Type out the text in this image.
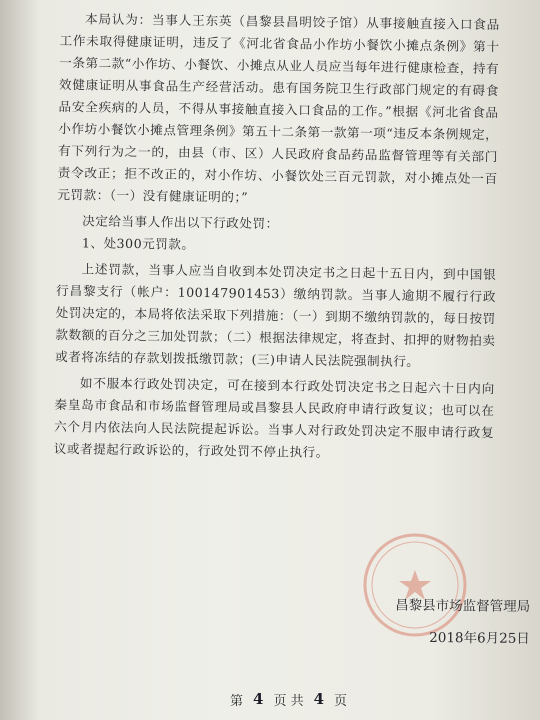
本局认为：当事人王东英（昌黎县昌明饺子馆）从事接触直接入口食品工作未取得健康证明，违反了《河北省食品小作坊小餐饮小摊点条例》第十一条第二款“小作坊、小餐饮、小摊点从业人员应当每年进行健康检查，持有效健康证明从事食品生产经营活动。患有国务院卫生行政部门规定的有碍食品安全疾病的人员，不得从事接触直接入口食品的工作。”根据《河北省食品小作坊小餐饮小摊点管理条例》第五十二条第一款第一项“违反本条例规定，有下列行为之一的，由县（市、区）人民政府食品药品监督管理等有关部门责令改正；拒不改正的，对小作坊、小餐饮处三百元罚款，对小摊点处一百元罚款：（一）没有健康证明的；”

决定给当事人作出以下行政处罚：

1、处300元罚款。

上述罚款，当事人应当自收到本处罚决定书之日起十五日内，到中国银行昌黎支行（帐户：100147901453）缴纳罚款。当事人逾期不履行行政处罚决定的，本局将依法采取下列措施：（一）到期不缴纳罚款的，每日按罚款数额的百分之三加处罚款；（二）根据法律规定，将查封、扣押的财物拍卖或者将冻结的存款划拨抵缴罚款；(三)申请人民法院强制执行。

如不服本行政处罚决定，可在接到本行政处罚决定书之日起六十日内向秦皇岛市食品和市场监督管理局或昌黎县人民政府申请行政复议；也可以在六个月内依法向人民法院提起诉讼。当事人对行政处罚决定不服申请行政复议或者提起行政诉讼的，行政处罚不停止执行。

昌黎县市场监督管理局
2018年6月25日
第 4 页 共 4 页
